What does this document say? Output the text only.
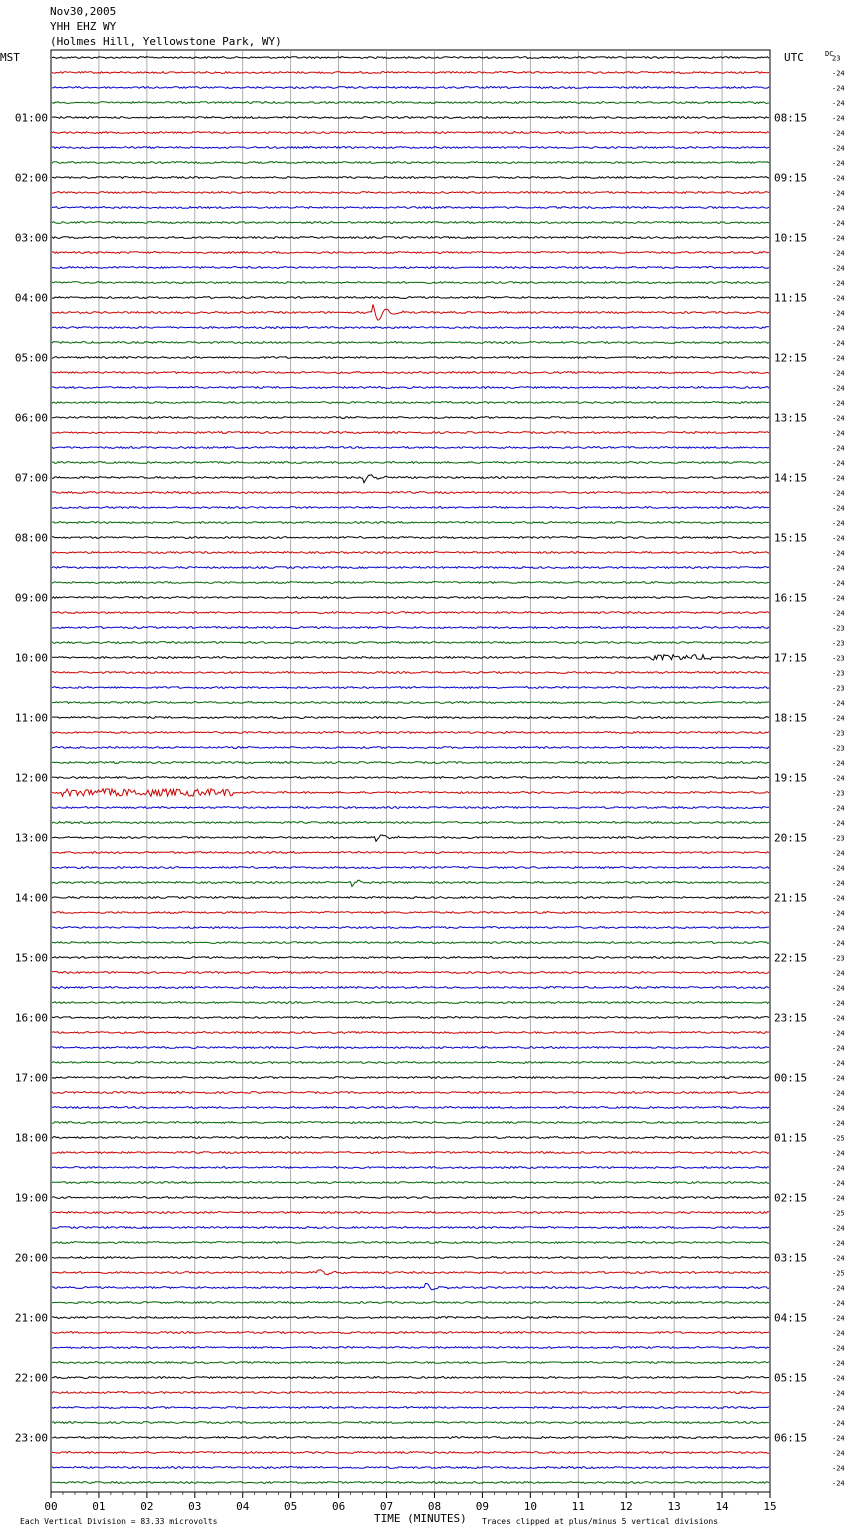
Nov30,2005
YHH EHZ WY
(Holmes Hill, Yellowstone Park, WY)
00	01	02	03	04	05	06	07	08	09	10	11	12	13	14	15
23
-24
-24
-24
-24
-24
-24
-24
-24
-24
-24
-24
-24
-24
-24
-24
-24
-24
-24
-24
-24
-24
-24
-24
-24
-24
-24
-24
-24
-24
-24
-24
-24
-24
-24
-24
-24
-24
-23
-23
-23
-23
-23
-24
-24
-23
-23
-24
-24
-23
-24
-24
-23
-24
-24
-24
-24
-24
-24
-24
-23
-24
-24
-24
-24
-24
-24
-24
-24
-24
-24
-24
-25
-24
-24
-24
-24
-25
-24
-24
-24
-25
-24
-24
-24
-24
-24
-24
-24
-24
-24
-24
-24
-24
-24
-24
01:00
02:00
03:00
04:00
05:00
06:00
07:00
08:00
09:00
10:00
11:00
12:00
13:00
14:00
15:00
16:00
17:00
18:00
19:00
20:00
21:00
22:00
23:00
08:15
09:15
10:15
11:15
12:15
13:15
14:15
15:15
16:15
17:15
18:15
19:15
20:15
21:15
22:15
23:15
00:15
01:15
02:15
03:15
04:15
05:15
06:15
MST	UTC	DC
TIME (MINUTES)
Each Vertical Division = 83.33 microvolts	Traces clipped at plus/minus 5 vertical divisions
